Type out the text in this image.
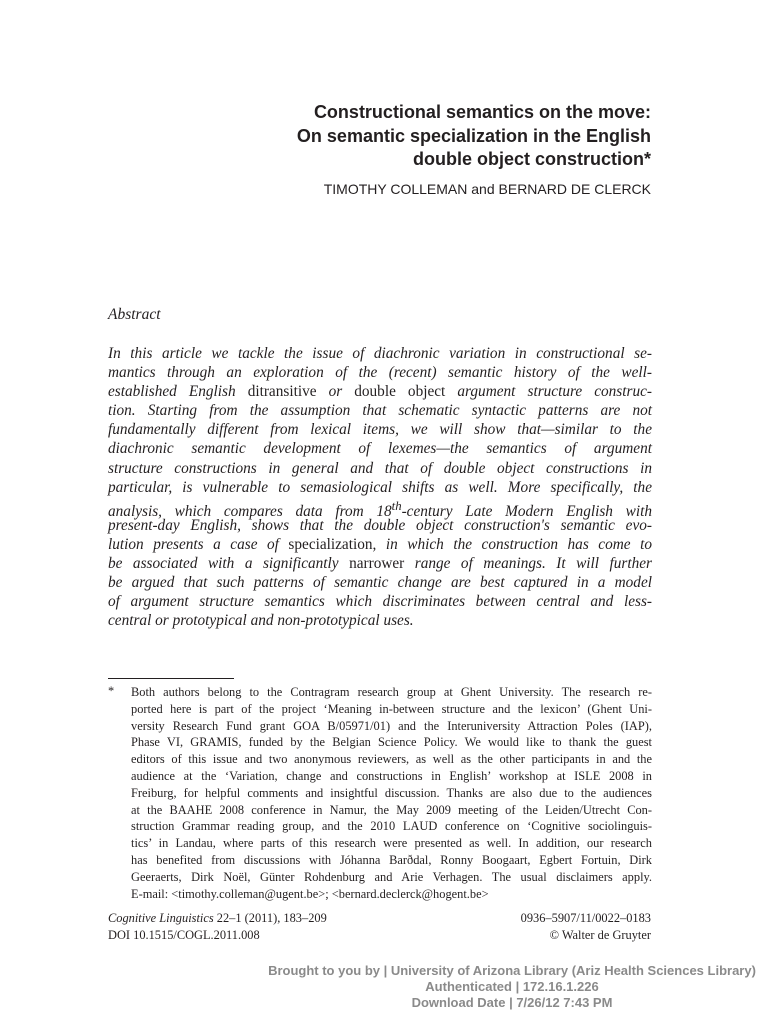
Constructional semantics on the move:
On semantic specialization in the English
double object construction*
TIMOTHY COLLEMAN and BERNARD DE CLERCK
Abstract
In this article we tackle the issue of diachronic variation in constructional se-
mantics through an exploration of the (recent) semantic history of the well-
established English ditransitive or double object argument structure construc-
tion. Starting from the assumption that schematic syntactic patterns are not
fundamentally different from lexical items, we will show that—similar to the
diachronic semantic development of lexemes—the semantics of argument
structure constructions in general and that of double object constructions in
particular, is vulnerable to semasiological shifts as well. More specifically, the
analysis, which compares data from 18th-century Late Modern English with
present-day English, shows that the double object construction's semantic evo-
lution presents a case of specialization, in which the construction has come to
be associated with a significantly narrower range of meanings. It will further
be argued that such patterns of semantic change are best captured in a model
of argument structure semantics which discriminates between central and less-
central or prototypical and non-prototypical uses.
* Both authors belong to the Contragram research group at Ghent University. The research re-
ported here is part of the project ‘Meaning in-between structure and the lexicon’ (Ghent Uni-
versity Research Fund grant GOA B/05971/01) and the Interuniversity Attraction Poles (IAP),
Phase VI, GRAMIS, funded by the Belgian Science Policy. We would like to thank the guest
editors of this issue and two anonymous reviewers, as well as the other participants in and the
audience at the ‘Variation, change and constructions in English’ workshop at ISLE 2008 in
Freiburg, for helpful comments and insightful discussion. Thanks are also due to the audiences
at the BAAHE 2008 conference in Namur, the May 2009 meeting of the Leiden/Utrecht Con-
struction Grammar reading group, and the 2010 LAUD conference on ‘Cognitive sociolinguis-
tics’ in Landau, where parts of this research were presented as well. In addition, our research
has benefited from discussions with Jóhanna Barðdal, Ronny Boogaart, Egbert Fortuin, Dirk
Geeraerts, Dirk Noël, Günter Rohdenburg and Arie Verhagen. The usual disclaimers apply.
E-mail: <timothy.colleman@ugent.be>; <bernard.declerck@hogent.be>
Cognitive Linguistics 22–1 (2011), 183–209
DOI 10.1515/COGL.2011.008
0936–5907/11/0022–0183
© Walter de Gruyter
Brought to you by | University of Arizona Library (Ariz Health Sciences Library)
Authenticated | 172.16.1.226
Download Date | 7/26/12 7:43 PM
